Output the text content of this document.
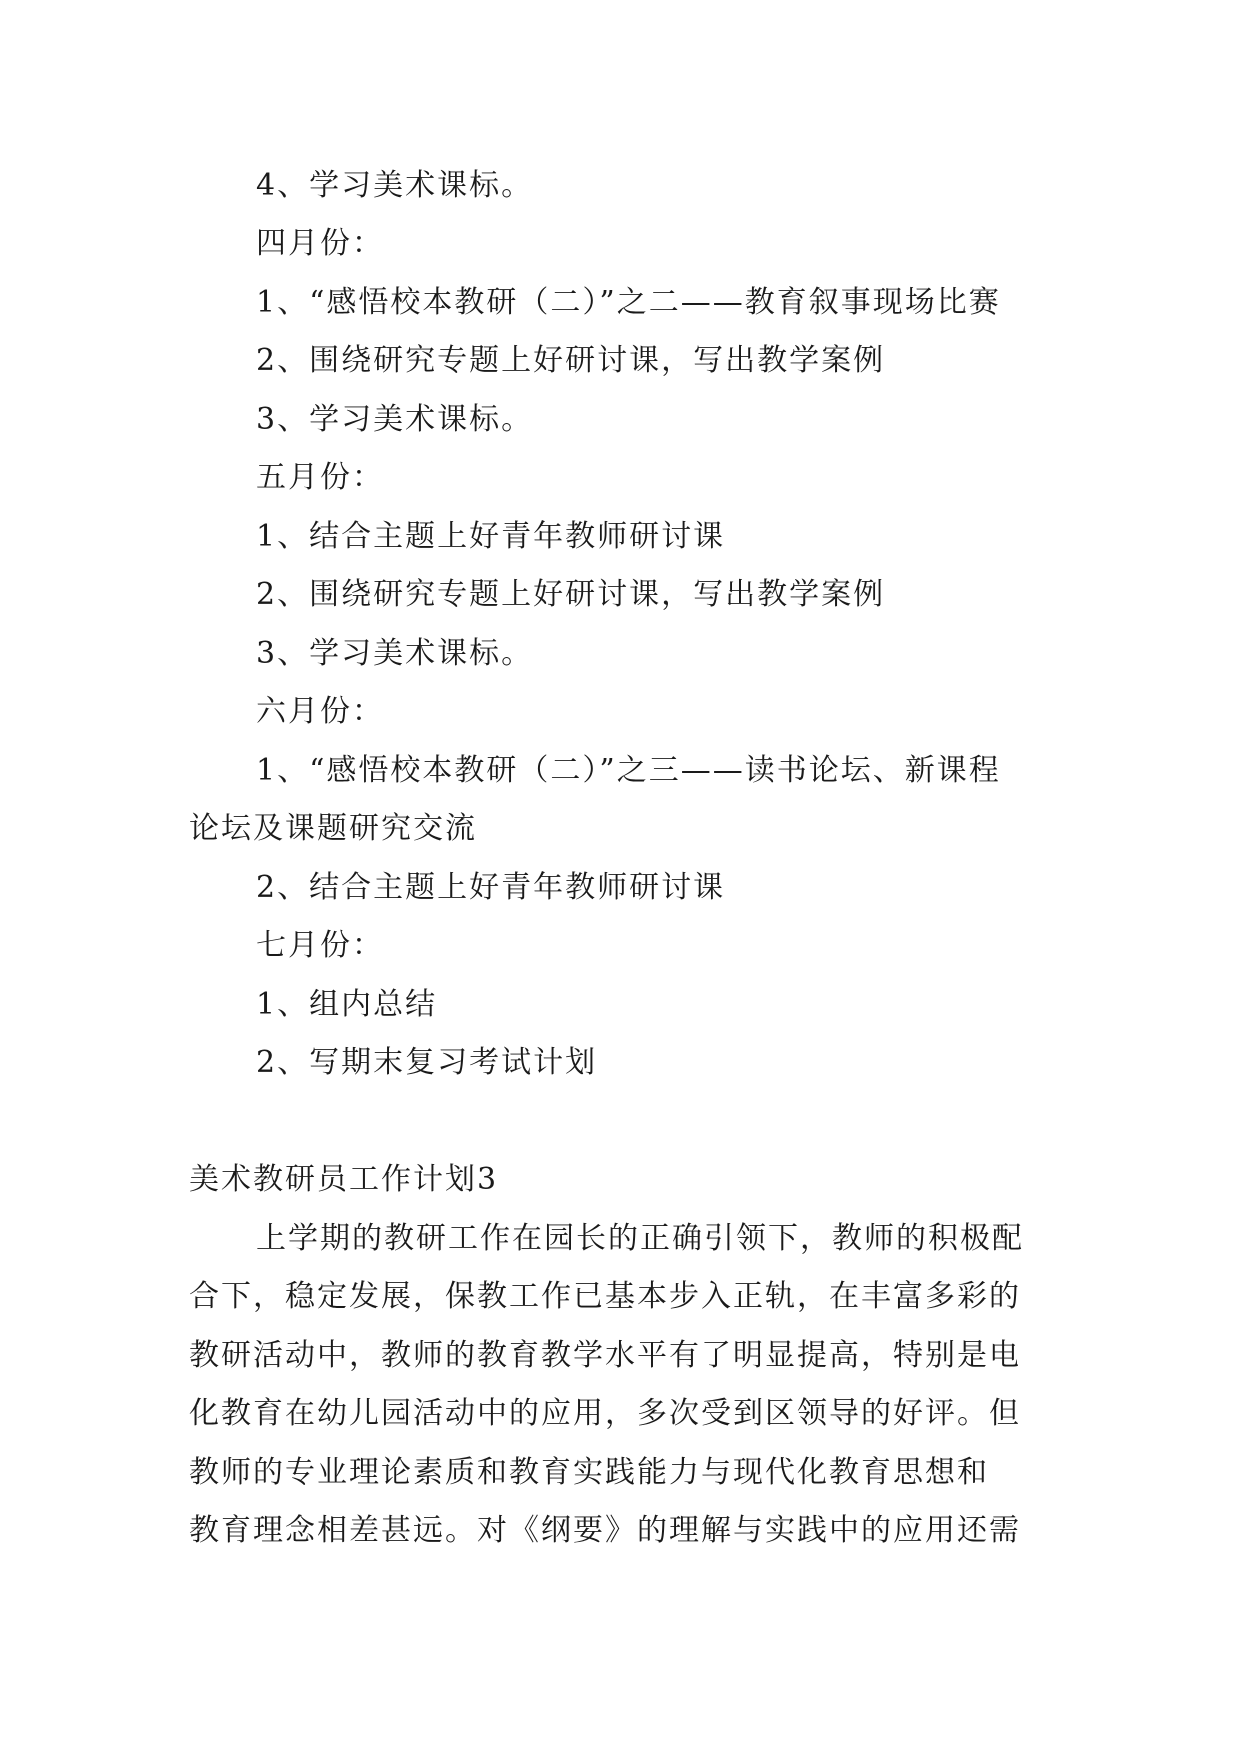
4、学习美术课标。
四月份：
1、“感悟校本教研（二）”之二——教育叙事现场比赛
2、围绕研究专题上好研讨课，写出教学案例
3、学习美术课标。
五月份：
1、结合主题上好青年教师研讨课
2、围绕研究专题上好研讨课，写出教学案例
3、学习美术课标。
六月份：
1、“感悟校本教研（二）”之三——读书论坛、新课程
论坛及课题研究交流
2、结合主题上好青年教师研讨课
七月份：
1、组内总结
2、写期末复习考试计划
美术教研员工作计划3
上学期的教研工作在园长的正确引领下，教师的积极配
合下，稳定发展，保教工作已基本步入正轨，在丰富多彩的
教研活动中，教师的教育教学水平有了明显提高，特别是电
化教育在幼儿园活动中的应用，多次受到区领导的好评。但
教师的专业理论素质和教育实践能力与现代化教育思想和
教育理念相差甚远。对《纲要》的理解与实践中的应用还需
